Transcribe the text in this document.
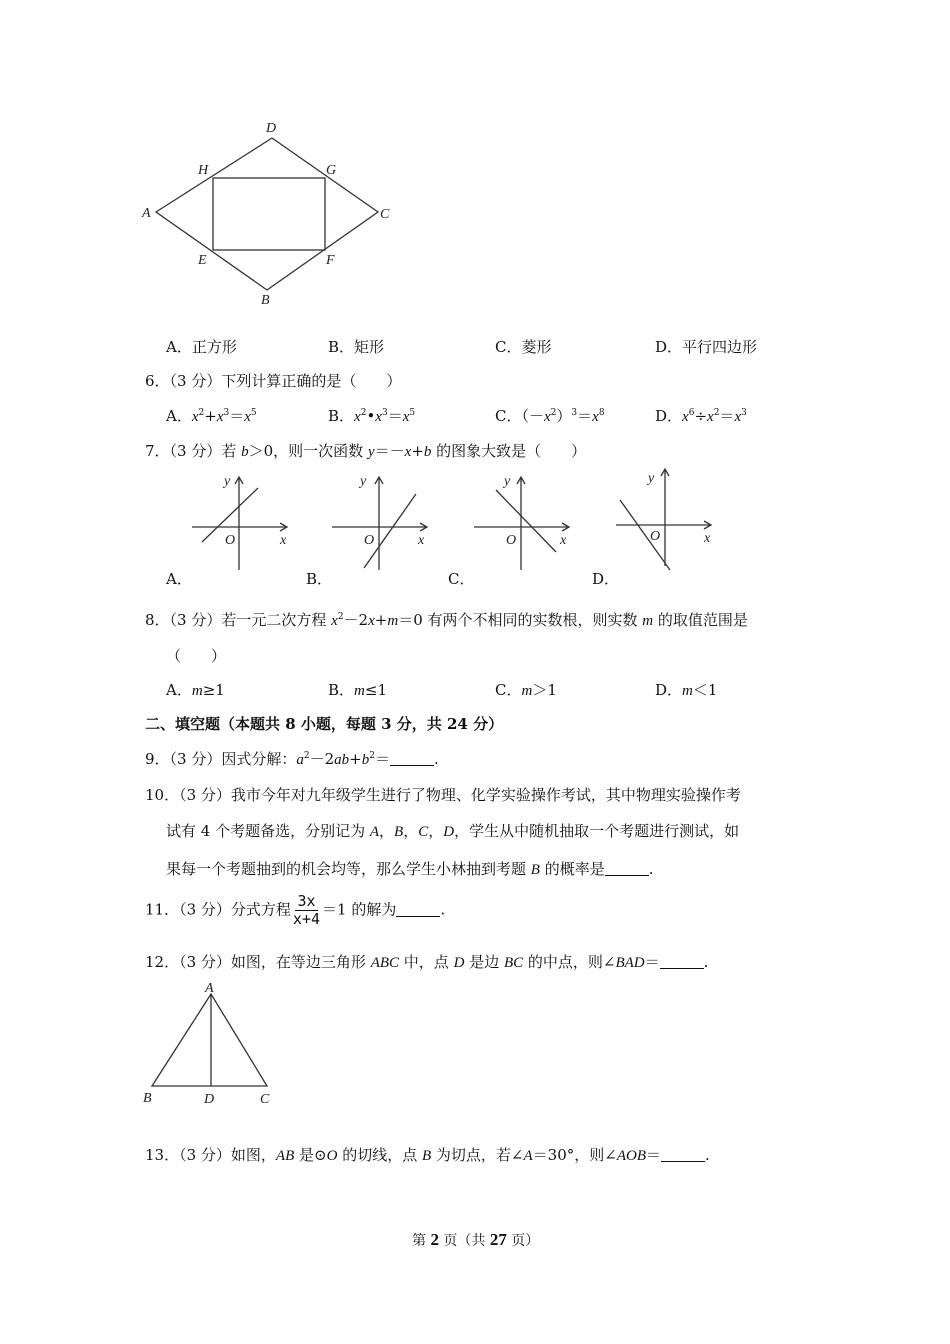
D
H	G
A	C
E	F
B
A．正方形	B．矩形	C．菱形	D．平行四边形
6．（3 分）下列计算正确的是（　　）
A．$x^2+x^3=x^5$	B．$x^2•x^3=x^5$	C．$(-x^2)^3=x^8$	D．$x^6\div x^2=x^3$
7．（3 分）若 b＞0，则一次函数 y＝－x+b 的图象大致是（　　）
y
x
O
y
x
O
y
x
O
y
x
O
A．	B．	C．	D．
8．（3 分）若一元二次方程 $x^2-2x+m=0$ 有两个不相同的实数根，则实数 m 的取值范围是
（　　）
A．m≥1	B．m≤1	C．m＞1	D．m＜1
二、填空题（本题共 8 小题，每题 3 分，共 24 分）
9．（3 分）因式分解：$a^2-2ab+b^2=$	.
10．（3 分）我市今年对九年级学生进行了物理、化学实验操作考试，其中物理实验操作考
试有 4 个考题备选，分别记为 A，B，C，D，学生从中随机抽取一个考题进行测试，如
果每一个考题抽到的机会均等，那么学生小林抽到考题 B 的概率是	.
11．（3 分）分式方程 $\frac{3x}{x+4} =1$ 的解为	.
12．（3 分）如图，在等边三角形 ABC 中，点 D 是边 BC 的中点，则∠BAD＝	.
A
B	D	C
13．（3 分）如图，AB 是⊙O 的切线，点 B 为切点，若∠A＝30°，则∠AOB＝	.
第 2 页（共 27 页）
